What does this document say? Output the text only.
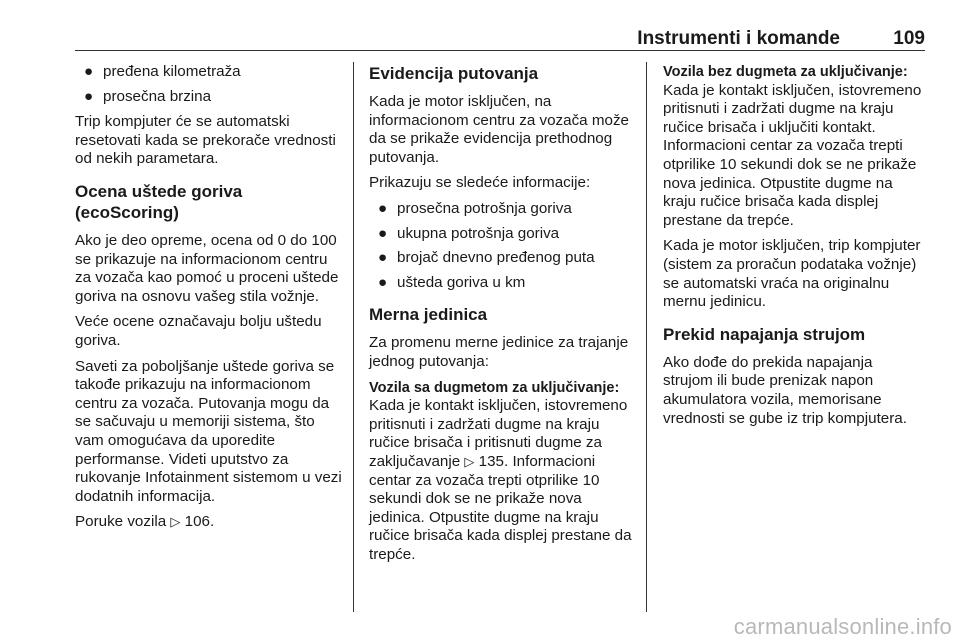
Instrumenti i komande	109
● pređena kilometraža
● prosečna brzina

Trip kompjuter će se automatski resetovati kada se prekorače vrednosti od nekih parametara.

Ocena uštede goriva
(ecoScoring)

Ako je deo opreme, ocena od 0 do 100 se prikazuje na informacionom centru za vozača kao pomoć u proceni uštede goriva na osnovu vašeg stila vožnje.

Veće ocene označavaju bolju uštedu goriva.

Saveti za poboljšanje uštede goriva se takođe prikazuju na informacionom centru za vozača. Putovanja mogu da se sačuvaju u memoriji sistema, što vam omogućava da uporedite performanse. Videti uputstvo za rukovanje Infotainment sistemom u vezi dodatnih informacija.

Poruke vozila ▷ 106.

Evidencija putovanja

Kada je motor isključen, na informacionom centru za vozača može da se prikaže evidencija prethodnog putovanja.

Prikazuju se sledeće informacije:

● prosečna potrošnja goriva
● ukupna potrošnja goriva
● brojač dnevno pređenog puta
● ušteda goriva u km
Merna jedinica

Za promenu merne jedinice za trajanje jednog putovanja:

Vozila sa dugmetom za uključivanje:
Kada je kontakt isključen, istovremeno pritisnuti i zadržati dugme na kraju ručice brisača i pritisnuti dugme za zaključavanje ▷ 135. Informacioni centar za vozača trepti otprilike 10 sekundi dok se ne prikaže nova jedinica. Otpustite dugme na kraju ručice brisača kada displej prestane da trepće.

Vozila bez dugmeta za uključivanje:
Kada je kontakt isključen, istovremeno pritisnuti i zadržati dugme na kraju ručice brisača i uključiti kontakt. Informacioni centar za vozača trepti otprilike 10 sekundi dok se ne prikaže nova jedinica. Otpustite dugme na kraju ručice brisača kada displej prestane da trepće.

Kada je motor isključen, trip kompjuter (sistem za proračun podataka vožnje) se automatski vraća na originalnu mernu jedinicu.

Prekid napajanja strujom

Ako dođe do prekida napajanja strujom ili bude prenizak napon akumulatora vozila, memorisane vrednosti se gube iz trip kompjutera.

carmanualsonline.info
